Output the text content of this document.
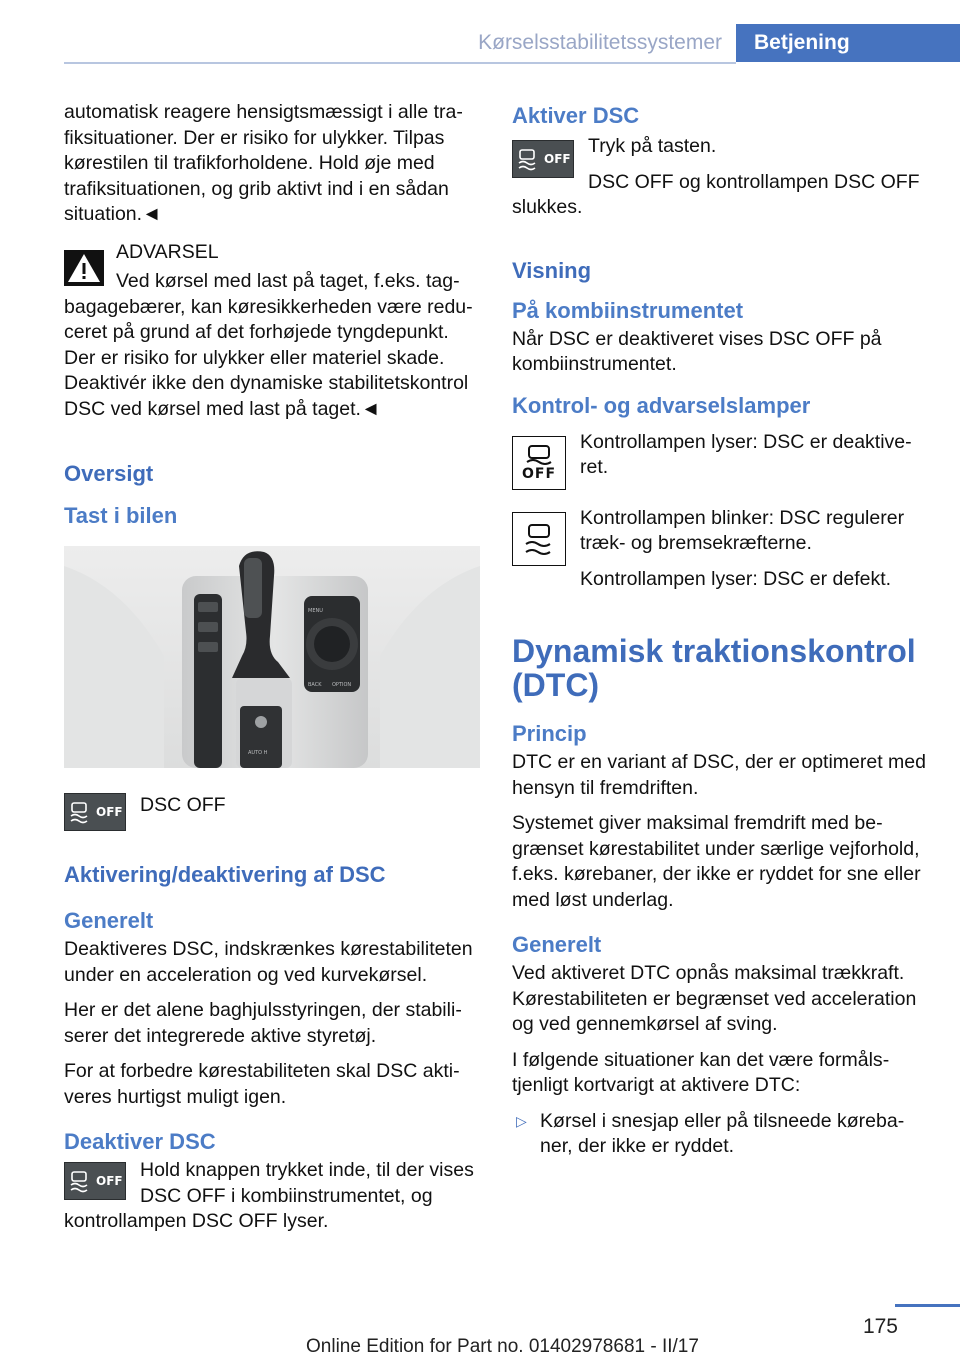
Kørselsstabilitetssystemer	Betjening

automatisk reagere hensigtsmæssigt i alle trafiksituationer. Der er risiko for ulykker. Tilpas kørestilen til trafikforholdene. Hold øje med trafiksituationen, og grib aktivt ind i en sådan situation.◄

ADVARSEL

Ved kørsel med last på taget, f.eks. tagbagagebærer, kan køresikkerheden være reduceret på grund af det forhøjede tyngdepunkt. Der er risiko for ulykker eller materiel skade. Deaktivér ikke den dynamiske stabilitetskontrol DSC ved kørsel med last på taget.◄

Oversigt
Tast i bilen
MENU
BACK OPTION
AUTO H
OFF DSC OFF

Aktivering/deaktivering af DSC
Generelt

Deaktiveres DSC, indskrænkes kørestabiliteten under en acceleration og ved kurvekørsel.

Her er det alene baghjulsstyringen, der stabiliserer det integrerede aktive styretøj.

For at forbedre kørestabiliteten skal DSC aktiveres hurtigst muligt igen.

Deaktiver DSC
OFF Hold knappen trykket inde, til der vises DSC OFF i kombiinstrumentet, og kontrollampen DSC OFF lyser.

Aktiver DSC
OFF

Tryk på tasten.

DSC OFF og kontrollampen DSC OFF slukkes.

Visning
På kombiinstrumentet

Når DSC er deaktiveret vises DSC OFF på kombiinstrumentet.

Kontrol- og advarselslamper
OFF

Kontrollampen lyser: DSC er deaktiveret.

Kontrollampen blinker: DSC regulerer træk- og bremsekræfterne.

Kontrollampen lyser: DSC er defekt.

Dynamisk traktionskontrol (DTC)
Princip

DTC er en variant af DSC, der er optimeret med hensyn til fremdriften.

Systemet giver maksimal fremdrift med begrænset kørestabilitet under særlige vejforhold, f.eks. kørebaner, der ikke er ryddet for sne eller med løst underlag.

Generelt

Ved aktiveret DTC opnås maksimal trækkraft. Kørestabiliteten er begrænset ved acceleration og ved gennemkørsel af sving.

I følgende situationer kan det være formålstjenligt kortvarigt at aktivere DTC:

▷ Kørsel i snesjap eller på tilsneede kørebaner, der ikke er ryddet.
175
Online Edition for Part no. 01402978681 - II/17
